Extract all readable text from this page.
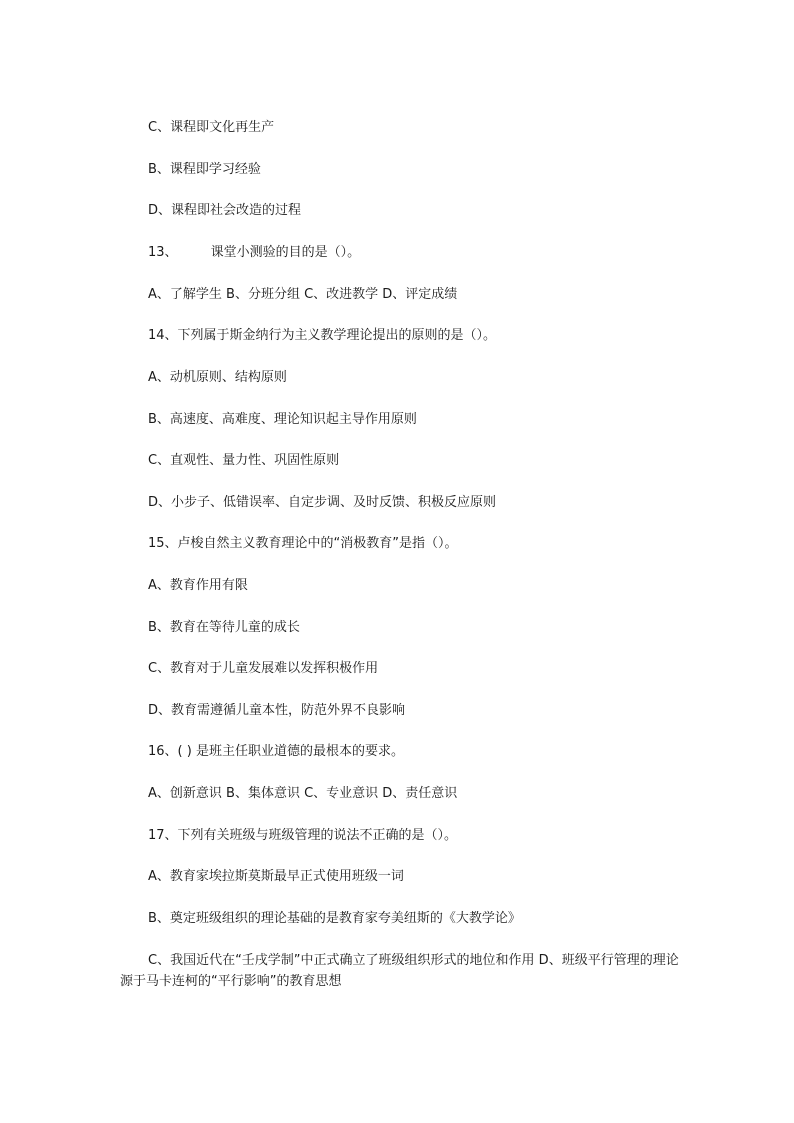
C、课程即文化再生产
B、课程即学习经验
D、课程即社会改造的过程
13、        课堂小测验的目的是（）。
A、了解学生 B、分班分组 C、改进教学 D、评定成绩
14、下列属于斯金纳行为主义教学理论提出的原则的是（）。
A、动机原则、结构原则
B、高速度、高难度、理论知识起主导作用原则
C、直观性、量力性、巩固性原则
D、小步子、低错误率、自定步调、及时反馈、积极反应原则
15、卢梭自然主义教育理论中的“消极教育”是指（）。
A、教育作用有限
B、教育在等待儿童的成长
C、教育对于儿童发展难以发挥积极作用
D、教育需遵循儿童本性，防范外界不良影响
16、( ) 是班主任职业道德的最根本的要求。
A、创新意识 B、集体意识 C、专业意识 D、责任意识
17、下列有关班级与班级管理的说法不正确的是（）。
A、教育家埃拉斯莫斯最早正式使用班级一词
B、奠定班级组织的理论基础的是教育家夸美纽斯的《大教学论》
C、我国近代在“壬戌学制”中正式确立了班级组织形式的地位和作用 D、班级平行管理的理论源于马卡连柯的“平行影响”的教育思想
